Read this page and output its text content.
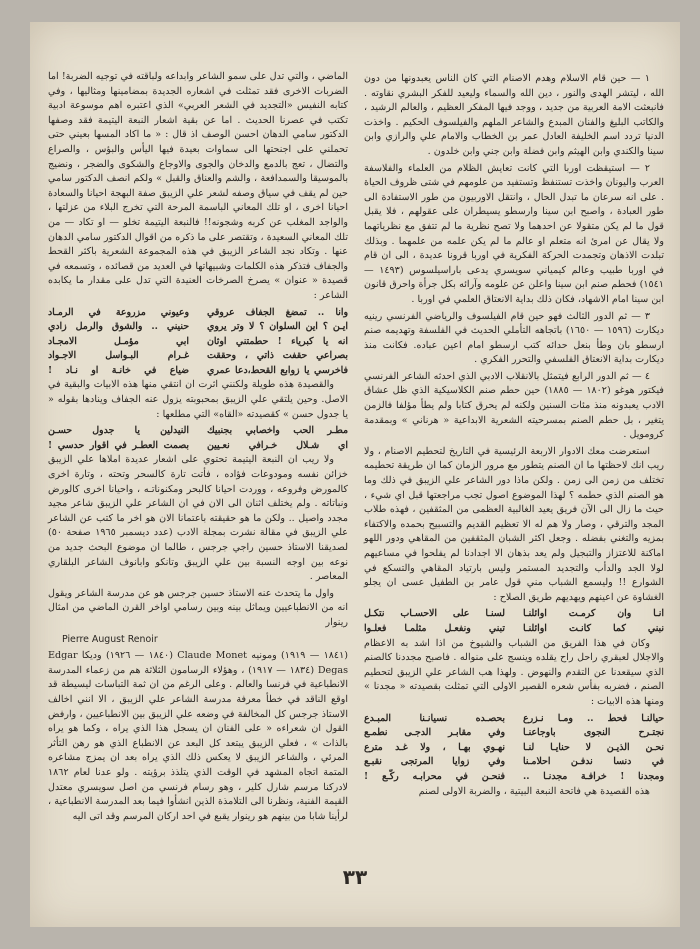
١ — حين قام الاسلام وهدم الاصنام التي كان الناس يعبدونها من دون الله ، ليتشر الهدى والنور ، دين الله والسماء وليعيد للفكر البشري نقاوته . فانبعثت الامة العربية من جديد ، ووجد فيها المفكر العظيم ، والعالم الرشيد ، والكاتب البليغ والفنان المبدع والشاعر الملهم والفيلسوف الحكيم . واخذت الدنيا تردد اسم الخليفة العادل عمر بن الخطاب والامام علي والرازي وابن سينا والكندي وابن الهيثم وابن فضلة وابن جني وابن خلدون .

٢ — استيقظت اوربا التي كانت تعايش الظلام من العلماء والفلاسفة العرب واليونان واخذت تستنفظ وتستفيد من علومهم في شتى ظروف الحياة . على انه سرعان ما تبدل الحال ، وانتقل الاوربيون من طور الاستفادة الى طور العبادة ، واصبح ابن سينا وارسطو يسيطران على عقولهم ، فلا يقبل قول ما لم يكن متقولا عن احدهما ولا تصح نظرية ما لم تتفق مع نظرياتهما ولا يقال عن امرئ انه متعلم او عالم ما لم يكن علمه من علمهما . وبذلك تبلدت الاذهان وتجمدت الحركة الفكرية في اوربا قرونا عديدة ، الى ان قام في اوربا طبيب وعالم كيمياني سويسري يدعى باراسيلسوس (١٤٩٣ — ١٥٤١) فحطم صنم ابن سينا واعلن عن علومه وآرائه بكل جرأة واحرق قانون ابن سينا امام الاشهاد، فكان ذلك بداية الانعتاق العلمي في اوربا .

٣ — ثم الدور الثالث فهو حين قام الفيلسوف والرياضي الفرنسي رينيه ديكارت (١٥٩٦ — ١٦٥٠) باتجاهه التأملي الحديث في الفلسفة وتهديمه صنم ارسطو بان وطأ بنعل حدائه كتب ارسطو امام اعين عباده. فكانت منذ ديكارت بداية الانعتاق الفلسفي والتحرر الفكري .

٤ — ثم الدور الرابع فيتمثل بالانقلاب الادبي الذي احدثه الشاعر الفرنسي فيكتور هوغو (١٨٠٢ — ١٨٨٥) حين حطم صنم الكلاسيكية الذي ظل عشاق الادب يعبدونه منذ مئات السنين ولكنه لم يحرق كتابا ولم يطأ مؤلفا فالزمن يتغير ، بل حطم الصنم بمسرحيته الشعرية الابداعية « هرناني » وبمقدمة كرومويل .

استعرضت معك الادوار الاربعة الرئيسية في التاريخ لتحطيم الاصنام ، ولا ريب انك لاحظتها ما ان الصنم يتطور مع مرور الزمان كما ان طريقة تحطيمه تختلف من زمن الى زمن . ولكن ماذا دور الشاعر علي الزيبق في ذلك وما هو الصنم الذي حطمه ؟ لهذا الموضوع اصول تجب مراجعتها قبل اي شيء ، حيث ما زال الى الآن فريق يعيد الغالبية العظمى من المثقفين ، فهذه طلاب المجد والترقي ، وصار ولا هم له الا تعظيم القديم والتسبيح بحمده والاكتفاء بمزيه والتغني بفضله . وجعل اكثر الشبان المثقفين من المقاهي ودور اللهو اماكنة للاعتزاز والتبجيل ولم يعد بذهان الا اجدادنا لم يفلحوا في مساعيهم لولا الجد والدأب والتجديد المستمر وليس بارتياد المقاهي والتسكع في الشوارع !! وليسمع الشباب مني قول عامر بن الطفيل عسى ان يجلو الغشاوة عن اعينهم ويهديهم طريق الصلاح :

انـا وان كرمـت اوائلنـا
لسنـا على الاحسـاب نتكـل
نبني كما كانـت اوائلنـا
تبني ونفعـل مثلمـا فعلـوا

وكان في هذا الفريق من الشباب والشيوخ من اذا اشد به الاعظام والاجلال لعبقري راحل راح يقلده وينسج على منواله . فاصبح مجددنا كالصنم الذي سيقعدنا عن التقدم والنهوض . ولهذا هب الشاعر علي الزيبق لتحطيم الصنم ، فضربه بفأس شعره القصير الاولى التي تمثلت بقصيدته « مجدنا » ومنها هذه الابيات :

حيالنـا فحط .. ومـا نـزرع
بحصـده نسيانـنا المبـدع
نجتـرح النجوى باوجاعنـا
وفي مقابـر الدجـى نطمـع
نحـن الذيـن لا حنايـا لنـا
نهـوي بهـا ، ولا غـد مترع
في دنسا ندفـن احلامـنا
وفي زوايا المرتجى نقبـع
ومجدنا ! خرافـة مجدنـا ..
فنحـن في محرابـه ركّـع !

هذه القصيدة هي فاتحة النبعة البيتية ، والضربة الاولى لصنم

الماضي ، والتي تدل على سمو الشاعر وابداعه ولباقته في توجيه الضربة! اما الضربات الاخرى فقد تمثلت في اشعاره الجديدة بمضامينها ومثاليها ، وفي كتابه النفيس «التجديد في الشعر العربي» الذي اعتبره اهم موسوعة ادبية تكتب في عصرنا الحديث . اما عن بقية اشعار النبعة اليتيمة فقد وصفها الدكتور سامي الدهان احسن الوصف اذ قال : « ما اكاد المسها بعيني حتى تحملني على اجنحتها الى سماوات بعيدة فيها اليأس والبؤس ، والصراع والتضال ، تعج بالدمع والدخان والجوى والاوجاع والشكوى والضجر ، ونضيج بالموسيقا والسمدافعة ، والشم والعناق والقبل » ولكم انصف الدكتور سامي حين لم يقف في سياق وصفه لشعر علي الزيبق صفة البهجة احيانا والسعادة احيانا اخرى ، او تلك المعاني الباسمة المرحة التي تخرج البلاء من عزلتها ، والواجد المغلب عن كربه وشجونه!! فالنبعة اليتيمة تخلو — او تكاد — من تلك المعاني السعيدة ، وتقتصر على ما ذكره من اقوال الدكتور سامي الدهان عنها . وتكاد نجد الشاعر الزيبق في هذه المجموعة الشعرية باكثر القحط والجفاف فتذكر هذه الكلمات وشبيهاتها في العديد من قصائده ، وتسمعه في قصيدة « عنوان » يصرخ الصرخات العنيدة التي تدل على مقدار ما يكابده الشاعر :

وانا .. تمضغ الجفاف عروقي
وعيوني مزروعة في الرمـاد
ايـن ؟ اين السلوان ؟ لا وتر يروي
حنيني .. والشوق والرمل زادي
انه يا كبرياء ! حطمتني اوثان
ابي مؤمـل الامجـاد
بصراعي حقفت ذاتي ، وحققت
غـرام البـواسل الاجـواد
فاخرسي يا زوابع القحط،دعا عمري
ضياع في خانـة او نـاد !

والقصيدة هذه طويلة ولكنني اثرت ان انتقي منها هذه الابيات والبقية في الاصل. وحين يلتقي علي الزيبق بمحبوبته يزول عنه الجفاف وينادها بقوله « يا جدول حسن » كقصيدته «القاه» التي مطلعها :

مطـر الحب واخصابي بجنبيك
النيدلين يا جدول حسـن
اي شـلال خـرافي نعـيين
بصمت العطـر في اقوار حدسي !

ولا ريب ان النبعة اليتيمة تحتوي على اشعار عديدة املاها علي الزيبق خزائن نفسه ومودوعات فؤاده ، فأتت تارة كالسحر وتحته ، وتارة اخرى كالمورض وفروعه ، ووردت احيانا كالبحر ومكنوناتـه ، واحيانا اخرى كالورض ونباتاته . ولم يختلف اثنان الى الان في ان الشاعر علي الزيبق شاعر مجيد مجدد واصيل .. ولكن ما هو حقيقته باعتمانا الان هو اخر ما كتب عن الشاعر علي الزيبق في مقالة نشرت بمجلة الادب (عدد ديسمبر ١٩٦٥ صفحة ٥٠) لصديقنا الاستاذ حسين راجي جرجس ، طالما ان موضوع البحث جديد من نوعه بين اوجه النسبة بين علي الزيبق وتانكو وابانوف الشاعر البلقاري المعاصر .

واول ما يتحدث عنه الاستاذ حسين جرجس هو عن مدرسة الشاعر ويقول انه من الانطباعيين ويماثل بينه وبين رسامي اواخر القرن الماضي من امثال رينوار

Pierre August Renoir

(١٨٤١ — ١٩١٩) ومونيه Claude Monet (١٨٤٠ — ١٩٢٦) وديكا Edgar Degas (١٨٣٤ — ١٩١٧) ، وهؤلاء الرسامون الثلاثة هم من زعماء المدرسة الانطباعية في فرنسا والعالم . وعلى الرغم من ان ثمة التباسات ليسيطة قد اوقع الناقد في خطأ معرفة مدرسة الشاعر علي الزيبق ، الا انني اخالف الاستاذ جرجس كل المخالفة في وضعه علي الزيبق بين الانطباعيين ، وارفض القول ان شعراءه « على الفنان ان يسجل هذا الذي يراه ، وكما هو يراه بالذات » ، فعلي الزيبق يبتعد كل البعد عن الانطباع الذي هو رهن التأثر المرئي ، والشاعر الزيبق لا يعكس ذلك الذي يراه بعد ان يمزج مشاعره المتمة اتجاه المشهد في الوقت الذي يتلذذ برؤيته . ولو عدنا لعام ١٨٦٢ لادركنا مرسم شارل كلير ، وهو رسام فرنسي من اصل سويسري معتدل القيمة الفنية، ونظرنا الى التلامذة الذين انشأوا فيما بعد المدرسة الانطباعية ، لرأينا شابا من بينهم هو رينوار يقبع في احد اركان المرسم وقد اتى اليه

٣٣
